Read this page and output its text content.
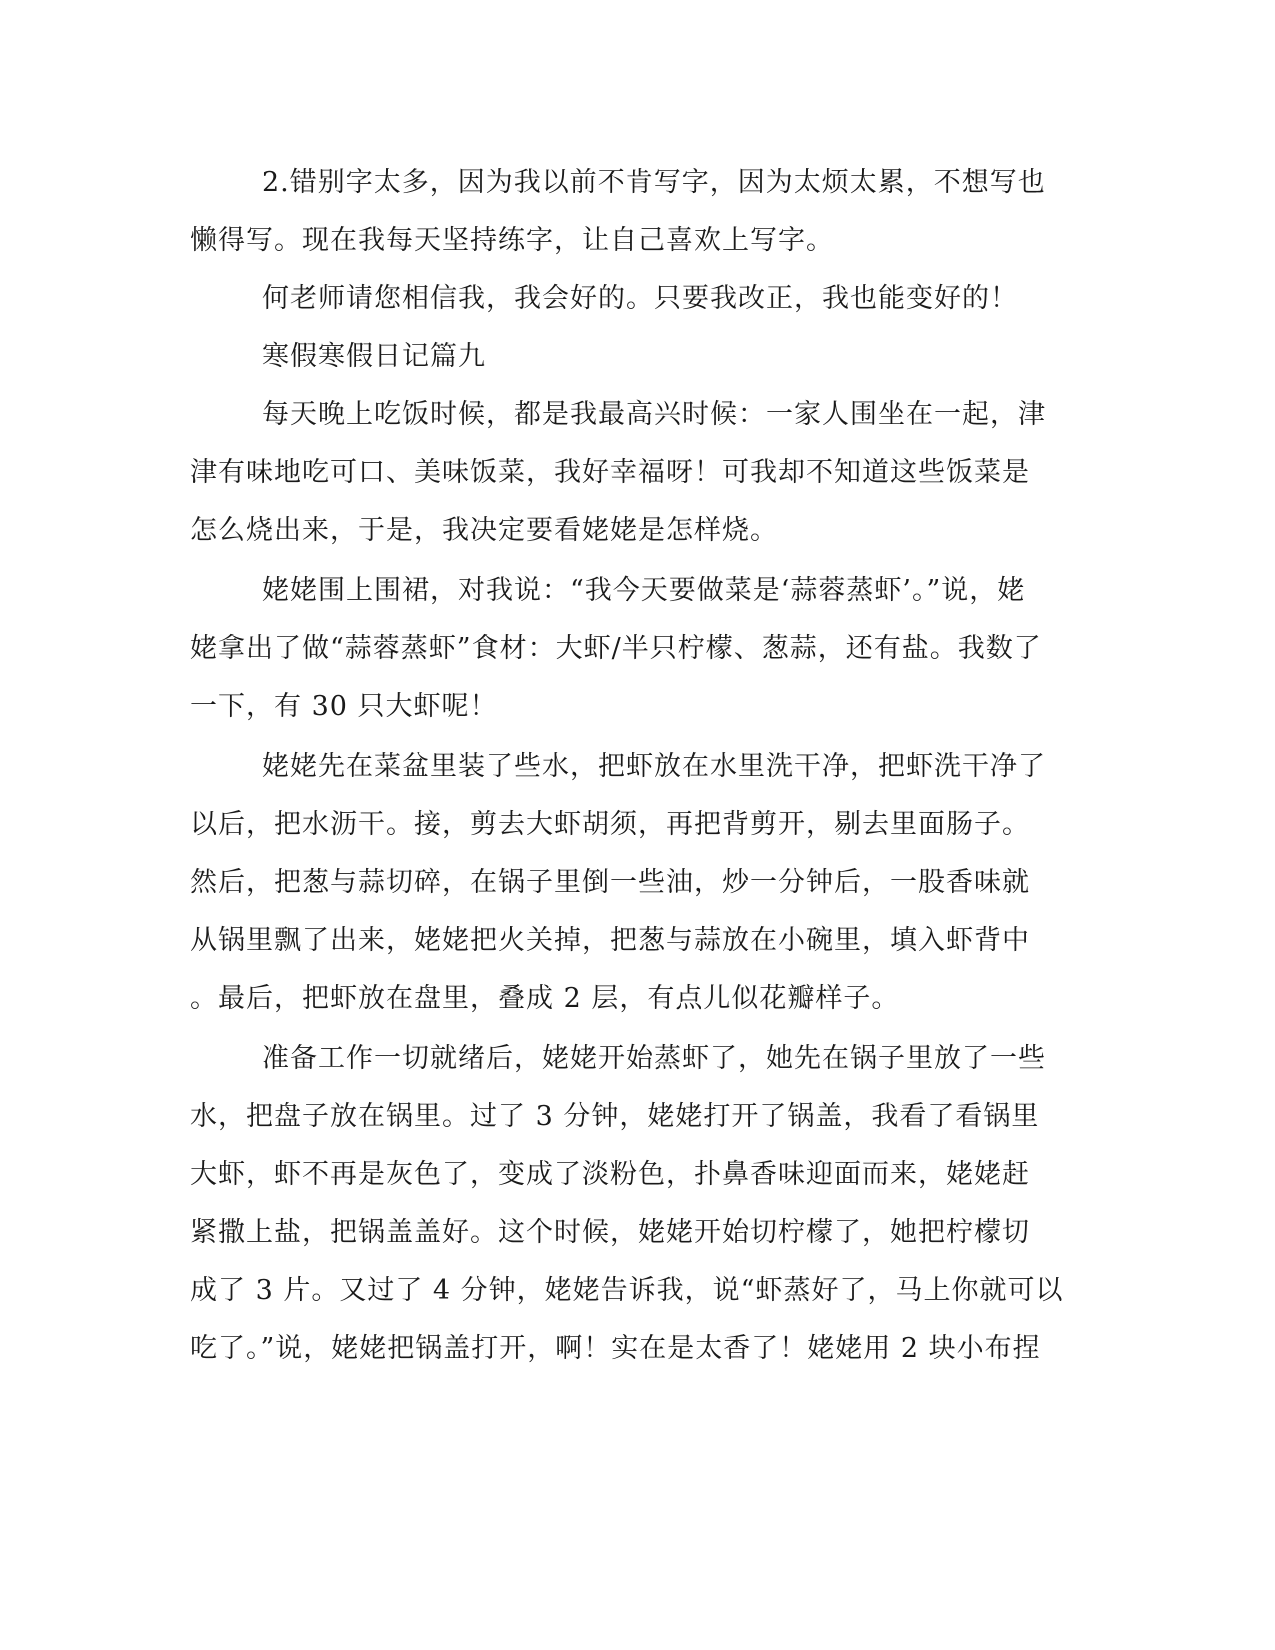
2.错别字太多，因为我以前不肯写字，因为太烦太累，不想写也
懒得写。现在我每天坚持练字，让自己喜欢上写字。
何老师请您相信我，我会好的。只要我改正，我也能变好的！
寒假寒假日记篇九
每天晚上吃饭时候，都是我最高兴时候：一家人围坐在一起，津
津有味地吃可口、美味饭菜，我好幸福呀！可我却不知道这些饭菜是
怎么烧出来，于是，我决定要看姥姥是怎样烧。
姥姥围上围裙，对我说：“我今天要做菜是‘蒜蓉蒸虾’。”说，姥
姥拿出了做“蒜蓉蒸虾”食材：大虾/半只柠檬、葱蒜，还有盐。我数了
一下，有 30 只大虾呢！
姥姥先在菜盆里装了些水，把虾放在水里洗干净，把虾洗干净了
以后，把水沥干。接，剪去大虾胡须，再把背剪开，剔去里面肠子。
然后，把葱与蒜切碎，在锅子里倒一些油，炒一分钟后，一股香味就
从锅里飘了出来，姥姥把火关掉，把葱与蒜放在小碗里，填入虾背中
。最后，把虾放在盘里，叠成 2 层，有点儿似花瓣样子。
准备工作一切就绪后，姥姥开始蒸虾了，她先在锅子里放了一些
水，把盘子放在锅里。过了 3 分钟，姥姥打开了锅盖，我看了看锅里
大虾，虾不再是灰色了，变成了淡粉色，扑鼻香味迎面而来，姥姥赶
紧撒上盐，把锅盖盖好。这个时候，姥姥开始切柠檬了，她把柠檬切
成了 3 片。又过了 4 分钟，姥姥告诉我，说“虾蒸好了，马上你就可以
吃了。”说，姥姥把锅盖打开，啊！实在是太香了！姥姥用 2 块小布捏
